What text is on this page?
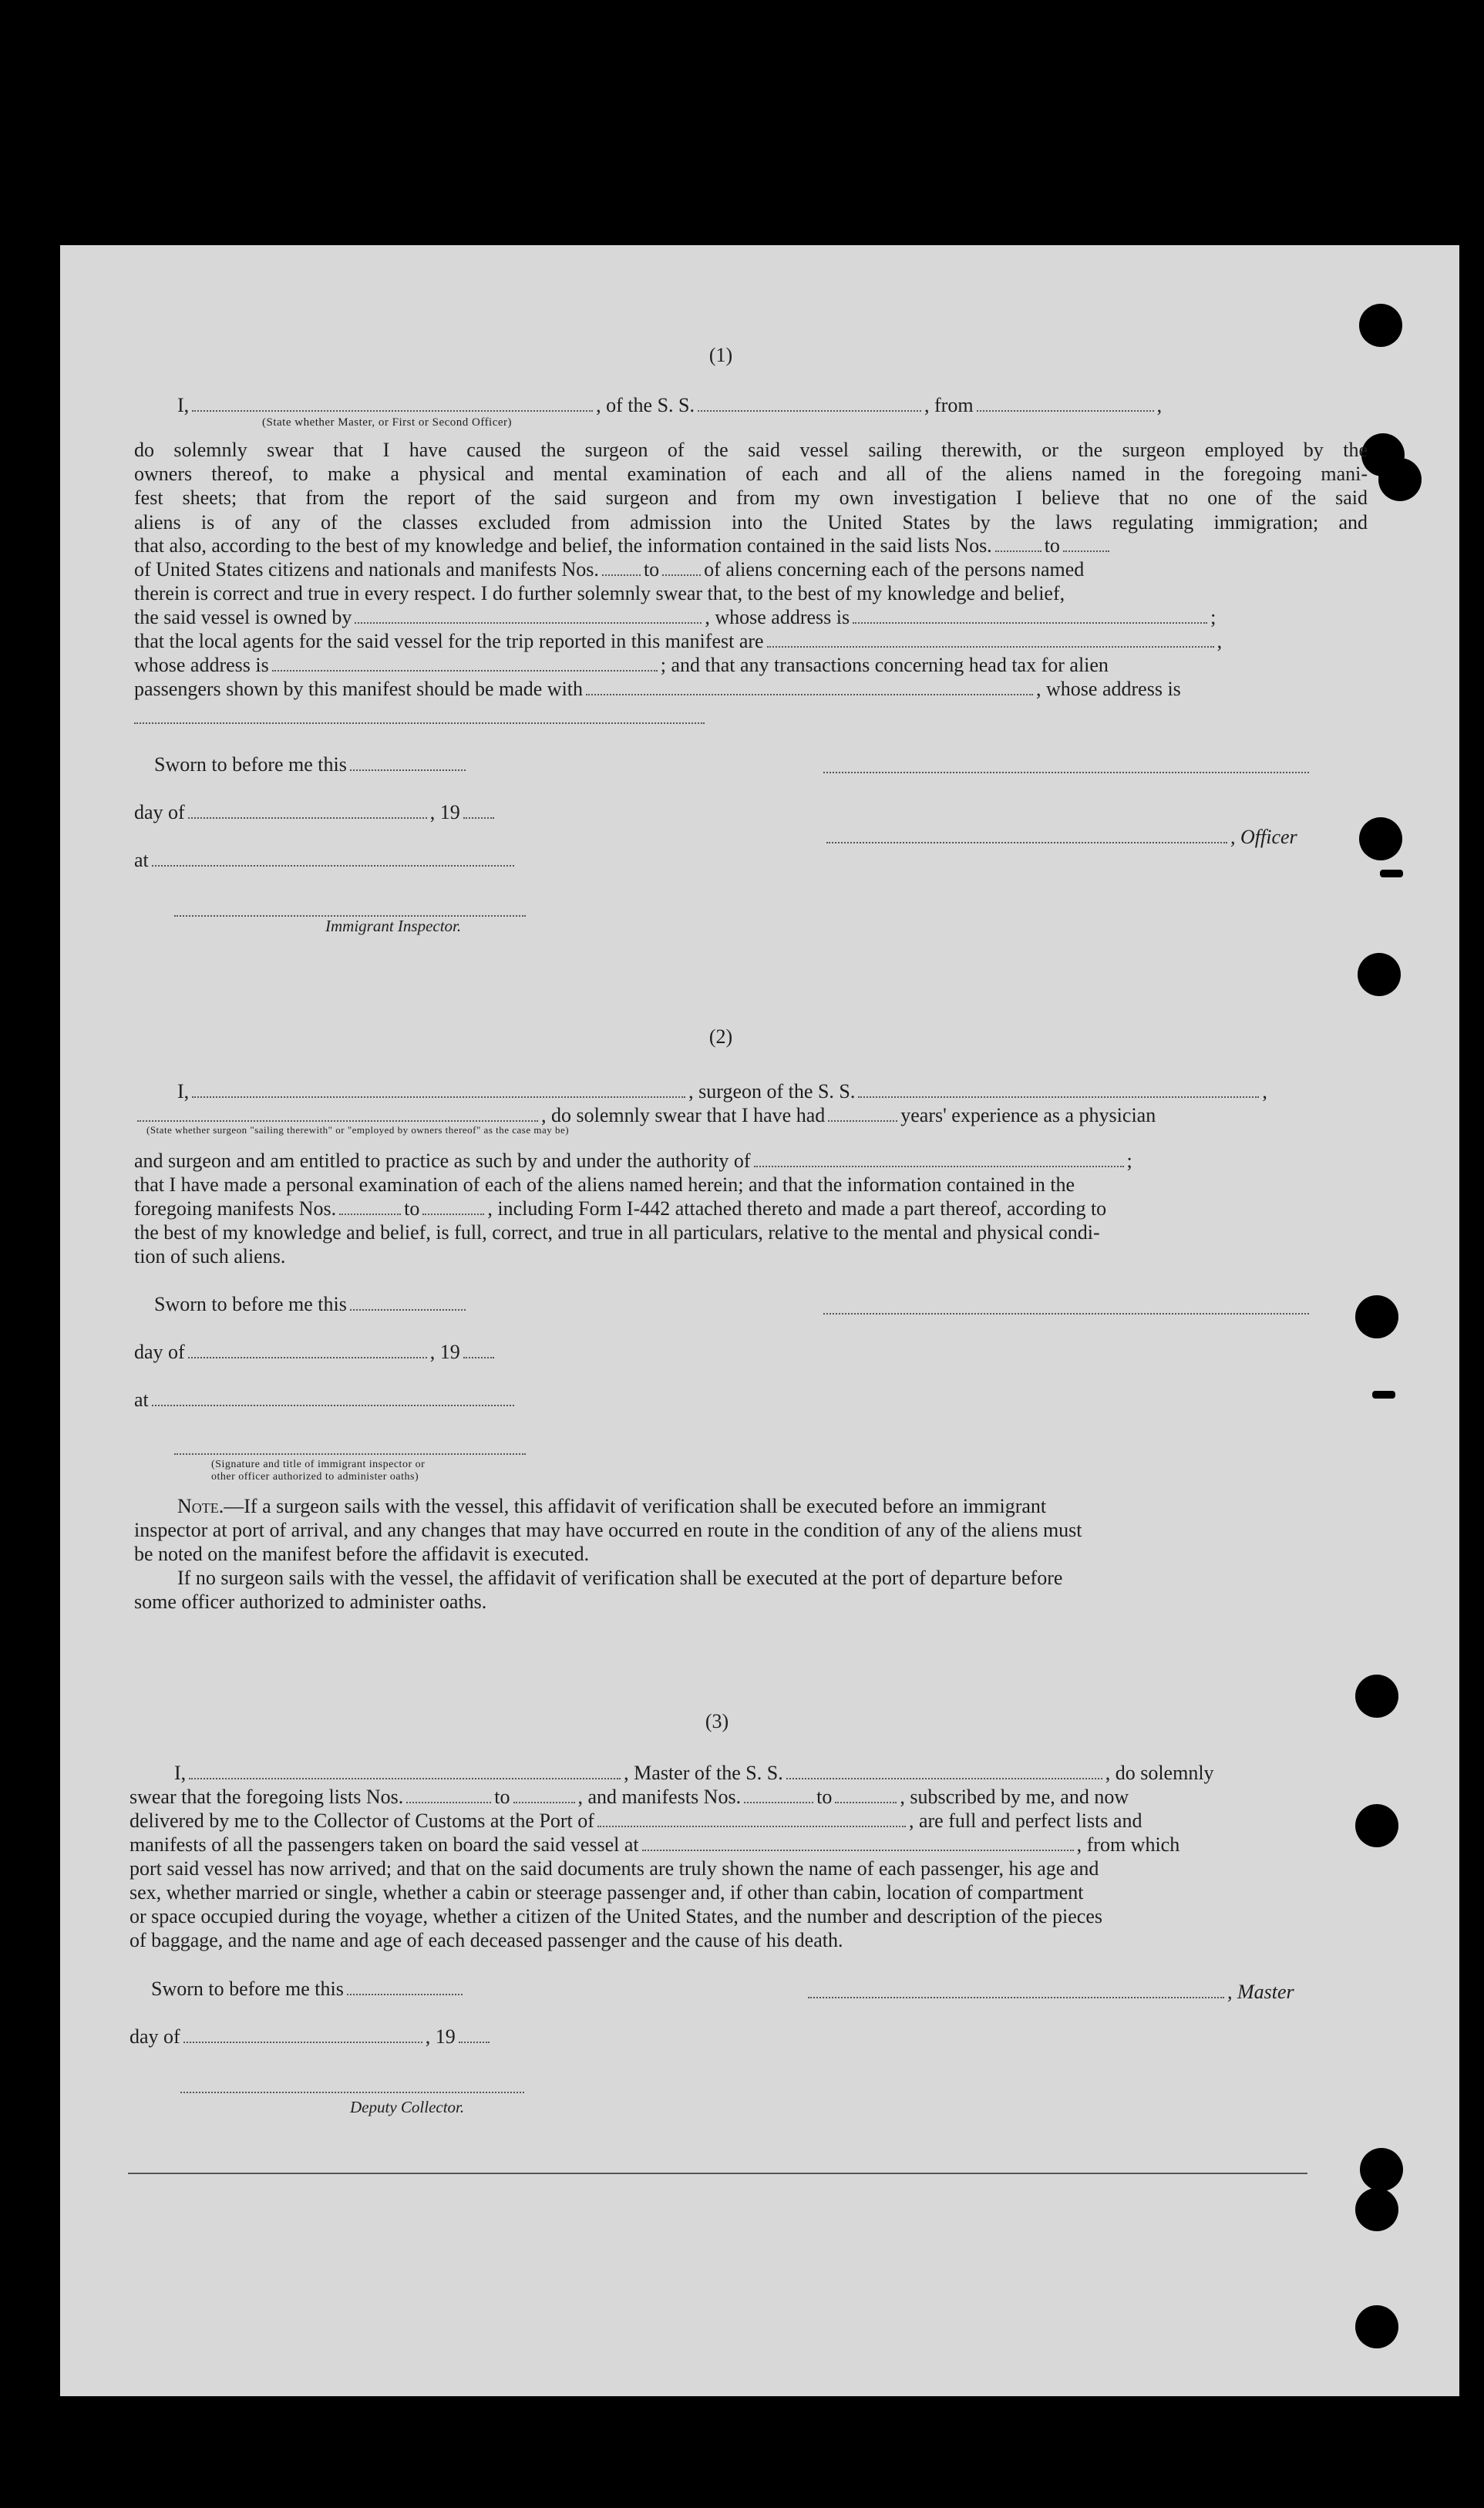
(1)
I,	, of the S. S.	, from	,
(State whether Master, or First or Second Officer)
do solemnly swear that I have caused the surgeon of the said vessel sailing therewith, or the surgeon employed by the
owners thereof, to make a physical and mental examination of each and all of the aliens named in the foregoing mani-
fest sheets; that from the report of the said surgeon and from my own investigation I believe that no one of the said
aliens is of any of the classes excluded from admission into the United States by the laws regulating immigration; and
that also, according to the best of my knowledge and belief, the information contained in the said lists Nos.	to
of United States citizens and nationals and manifests Nos. to of aliens concerning each of the persons named
therein is correct and true in every respect. I do further solemnly swear that, to the best of my knowledge and belief,
the said vessel is owned by	, whose address is	;
that the local agents for the said vessel for the trip reported in this manifest are	,
whose address is	; and that any transactions concerning head tax for alien
passengers shown by this manifest should be made with	, whose address is
Sworn to before me this
day of	, 19
, Officer
at
Immigrant Inspector.
(2)
I,	, surgeon of the S. S.	,
, do solemnly swear that I have had	years' experience as a physician
(State whether surgeon "sailing therewith" or "employed by owners thereof" as the case may be)
and surgeon and am entitled to practice as such by and under the authority of	;
that I have made a personal examination of each of the aliens named herein; and that the information contained in the
foregoing manifests Nos.	to	, including Form I-442 attached thereto and made a part thereof, according to
the best of my knowledge and belief, is full, correct, and true in all particulars, relative to the mental and physical condi-
tion of such aliens.
Sworn to before me this
day of	, 19
at
(Signature and title of immigrant inspector or
other officer authorized to administer oaths)
Note.—If a surgeon sails with the vessel, this affidavit of verification shall be executed before an immigrant
inspector at port of arrival, and any changes that may have occurred en route in the condition of any of the aliens must
be noted on the manifest before the affidavit is executed.
If no surgeon sails with the vessel, the affidavit of verification shall be executed at the port of departure before
some officer authorized to administer oaths.
(3)
I,	, Master of the S. S.	, do solemnly
swear that the foregoing lists Nos.	to	, and manifests Nos.	to	, subscribed by me, and now
delivered by me to the Collector of Customs at the Port of	, are full and perfect lists and
manifests of all the passengers taken on board the said vessel at	, from which
port said vessel has now arrived; and that on the said documents are truly shown the name of each passenger, his age and
sex, whether married or single, whether a cabin or steerage passenger and, if other than cabin, location of compartment
or space occupied during the voyage, whether a citizen of the United States, and the number and description of the pieces
of baggage, and the name and age of each deceased passenger and the cause of his death.
Sworn to before me this	, Master
day of	, 19
Deputy Collector.
